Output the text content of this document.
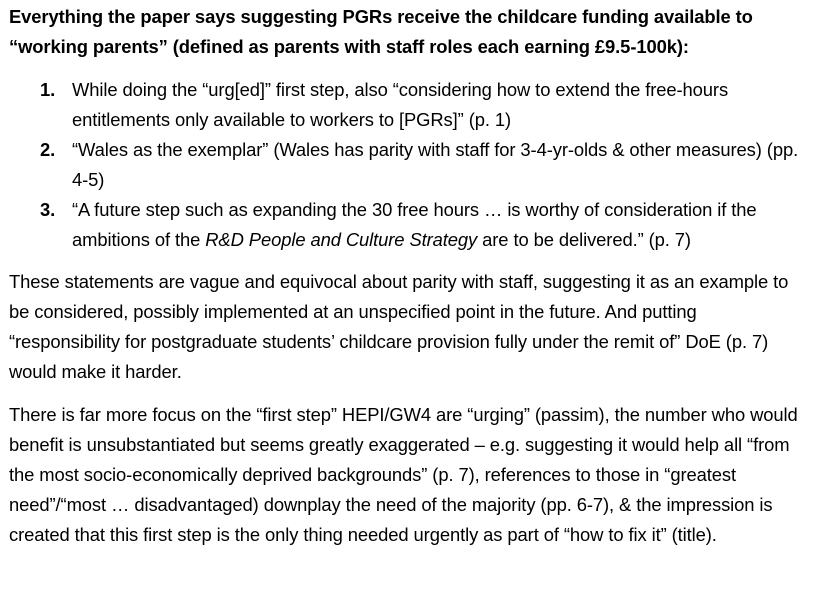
Everything the paper says suggesting PGRs receive the childcare funding available to “working parents” (defined as parents with staff roles each earning £9.5-100k):

1. While doing the “urg[ed]” first step, also “considering how to extend the free-hours entitlements only available to workers to [PGRs]” (p. 1)
2. “Wales as the exemplar” (Wales has parity with staff for 3-4-yr-olds & other measures) (pp. 4-5)
3. “A future step such as expanding the 30 free hours … is worthy of consideration if the ambitions of the R&D People and Culture Strategy are to be delivered.” (p. 7)

These statements are vague and equivocal about parity with staff, suggesting it as an example to be considered, possibly implemented at an unspecified point in the future. And putting “responsibility for postgraduate students’ childcare provision fully under the remit of” DoE (p. 7) would make it harder.

There is far more focus on the “first step” HEPI/GW4 are “urging” (passim), the number who would benefit is unsubstantiated but seems greatly exaggerated – e.g. suggesting it would help all “from the most socio-economically deprived backgrounds” (p. 7), references to those in “greatest need”/“most … disadvantaged) downplay the need of the majority (pp. 6-7), & the impression is created that this first step is the only thing needed urgently as part of “how to fix it” (title).
